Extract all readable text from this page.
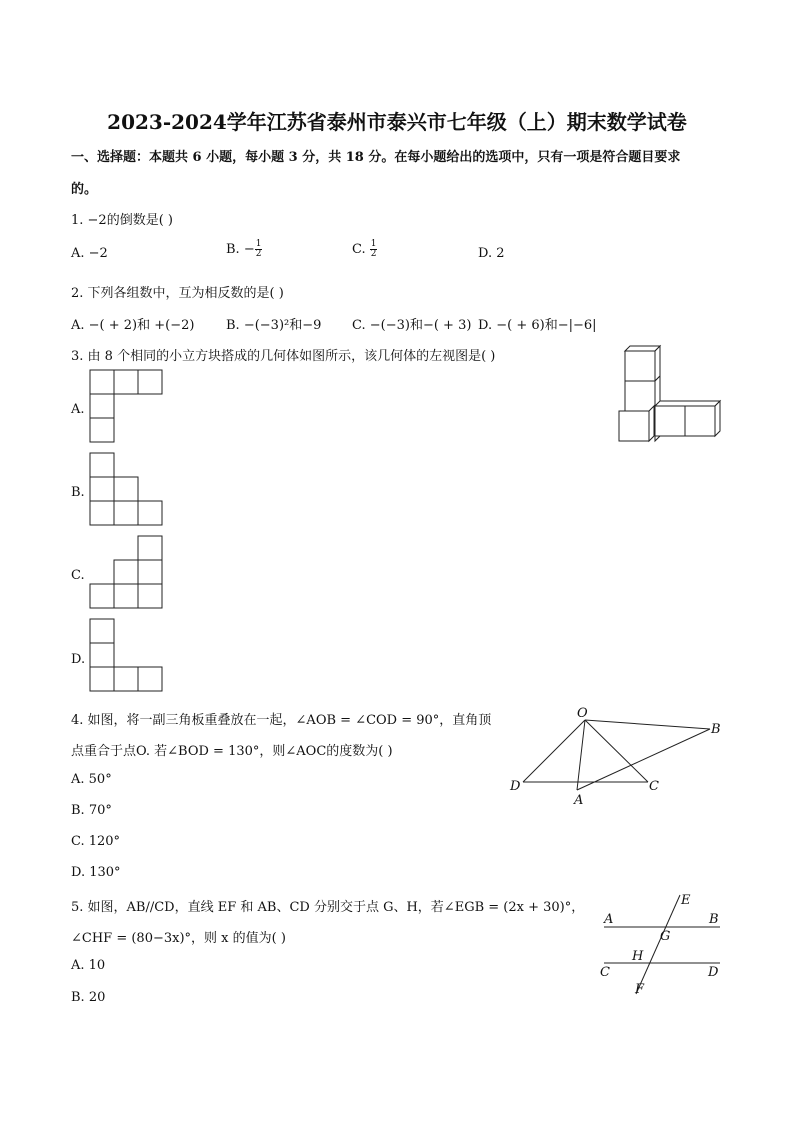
2023-2024学年江苏省泰州市泰兴市七年级（上）期末数学试卷
一、选择题：本题共 6 小题，每小题 3 分，共 18 分。在每小题给出的选项中，只有一项是符合题目要求
的。
1. −2的倒数是( )
A. −2	B. − $\frac{1}{2}$	C. $\frac{1}{2}$	D. 2
2. 下列各组数中，互为相反数的是( )
A. −( + 2)和 +(−2) B. −(−3)²和−9 C. −(−3)和−( + 3) D. −( + 6)和−|−6|
3. 由 8 个相同的小立方块搭成的几何体如图所示，该几何体的左视图是( )
A.
B.
C.
D.
4. 如图，将一副三角板重叠放在一起，∠AOB = ∠COD = 90°，直角顶
点重合于点O. 若∠BOD = 130°，则∠AOC的度数为( )
A. 50°
B. 70°
C. 120°
D. 130°
O
B
D
A
C
5. 如图，AB//CD，直线 EF 和 AB、CD 分别交于点 G、H，若∠EGB = (2x + 30)°，
∠CHF = (80−3x)°，则 x 的值为( )
A. 10
B. 20
A	B
C	D
E
F
G
H
